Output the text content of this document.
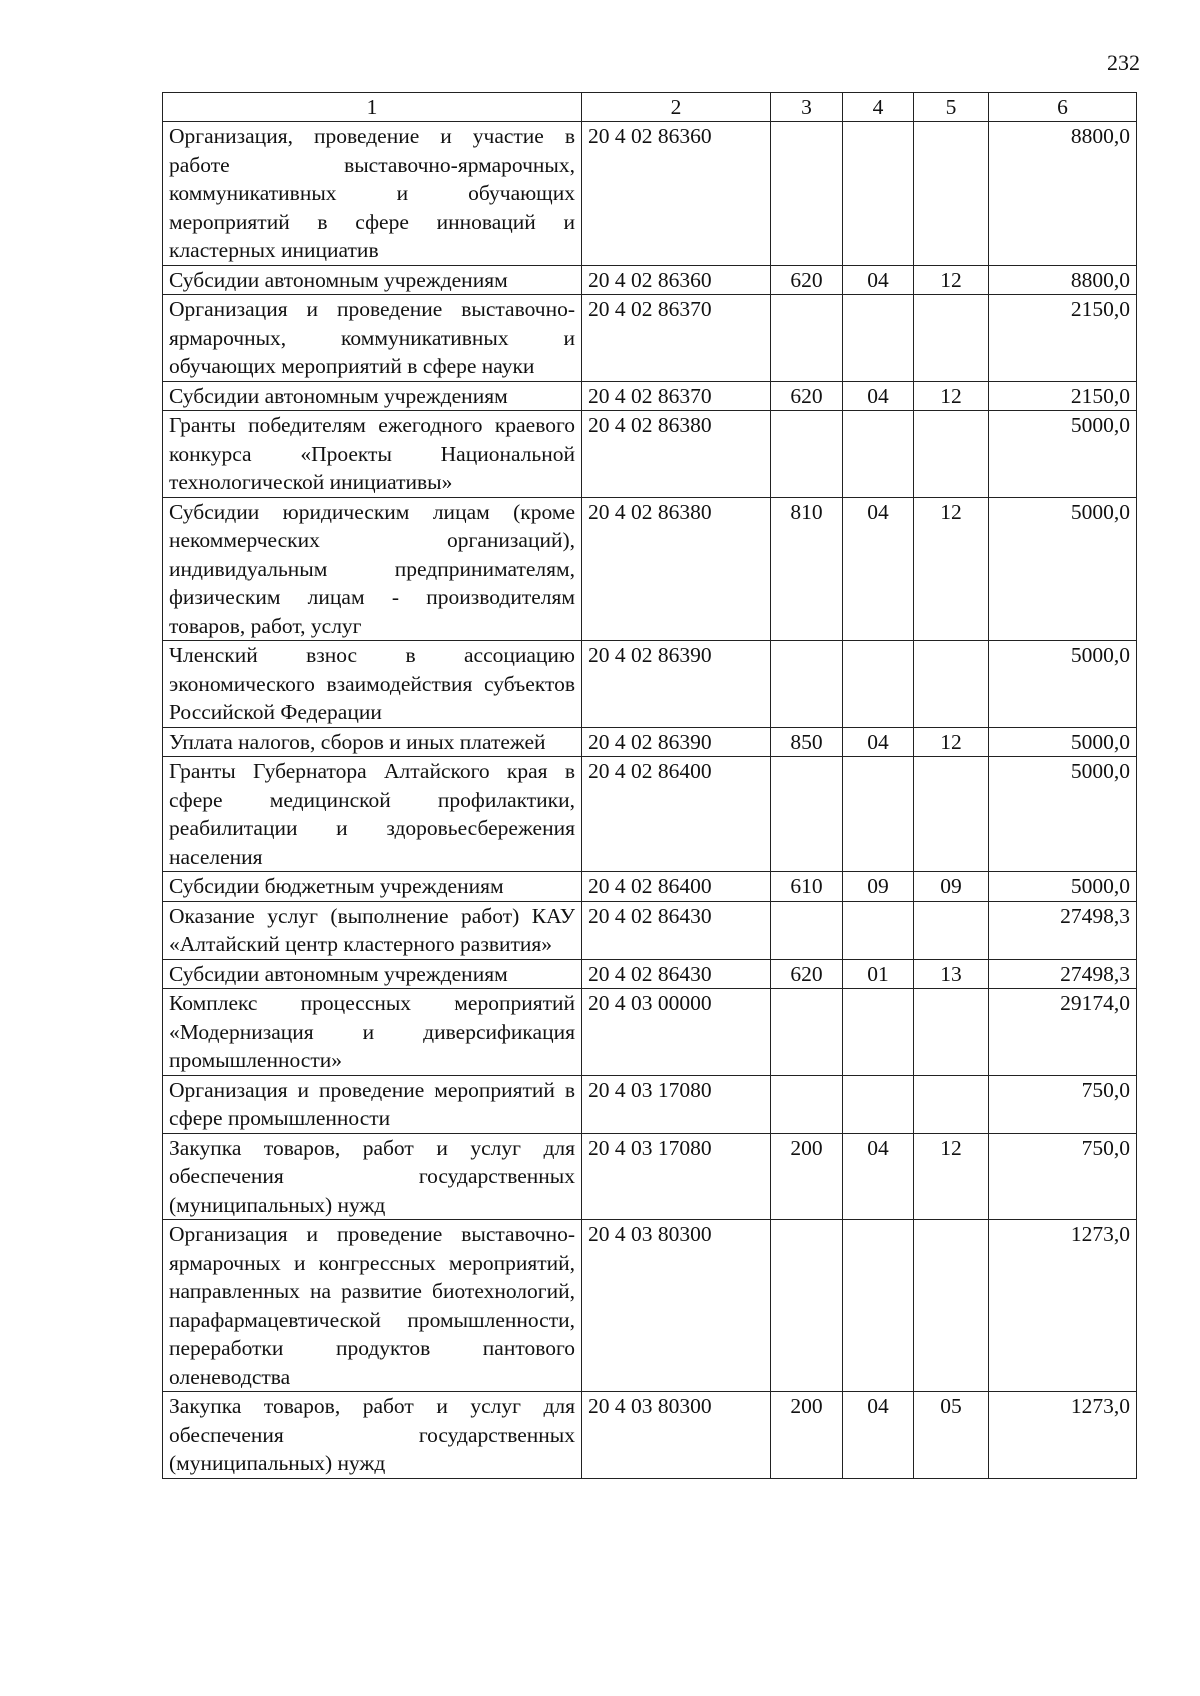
232
1	2	3	4	5	6
Организация, проведение и участие в работе выставочно-ярмарочных, коммуникативных и обучающих мероприятий в сфере инноваций и кластерных инициатив	20 4 02 86360				8800,0
Субсидии автономным учреждениям	20 4 02 86360	620	04	12	8800,0
Организация и проведение выставочно-ярмарочных, коммуникативных и обучающих мероприятий в сфере науки	20 4 02 86370				2150,0
Субсидии автономным учреждениям	20 4 02 86370	620	04	12	2150,0
Гранты победителям ежегодного краевого конкурса «Проекты Национальной технологической инициативы»	20 4 02 86380				5000,0
Субсидии юридическим лицам (кроме некоммерческих организаций), индивидуальным предпринимателям, физическим лицам - производителям товаров, работ, услуг	20 4 02 86380	810	04	12	5000,0
Членский взнос в ассоциацию экономического взаимодействия субъектов Российской Федерации	20 4 02 86390				5000,0
Уплата налогов, сборов и иных платежей	20 4 02 86390	850	04	12	5000,0
Гранты Губернатора Алтайского края в сфере медицинской профилактики, реабилитации и здоровьесбережения населения	20 4 02 86400				5000,0
Субсидии бюджетным учреждениям	20 4 02 86400	610	09	09	5000,0
Оказание услуг (выполнение работ) КАУ «Алтайский центр кластерного развития»	20 4 02 86430				27498,3
Субсидии автономным учреждениям	20 4 02 86430	620	01	13	27498,3
Комплекс процессных мероприятий «Модернизация и диверсификация промышленности»	20 4 03 00000				29174,0
Организация и проведение мероприятий в сфере промышленности	20 4 03 17080				750,0
Закупка товаров, работ и услуг для обеспечения государственных (муниципальных) нужд	20 4 03 17080	200	04	12	750,0
Организация и проведение выставочно-ярмарочных и конгрессных мероприятий, направленных на развитие биотехнологий, парафармацевтической промышленности, переработки продуктов пантового оленеводства	20 4 03 80300				1273,0
Закупка товаров, работ и услуг для обеспечения государственных (муниципальных) нужд	20 4 03 80300	200	04	05	1273,0
